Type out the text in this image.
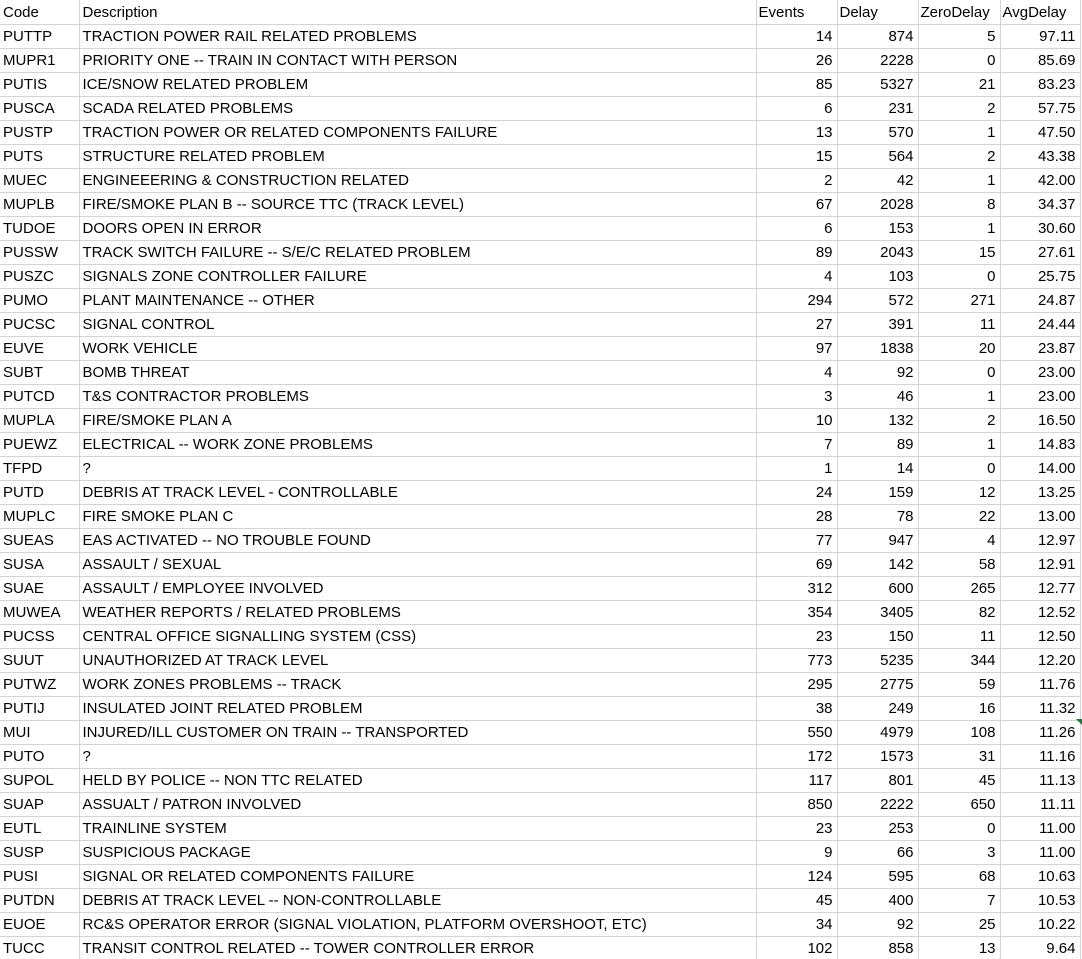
Code	Description	Events	Delay	ZeroDelay	AvgDelay
PUTTP	TRACTION POWER RAIL RELATED PROBLEMS	14	874	5	97.11
MUPR1	PRIORITY ONE -- TRAIN IN CONTACT WITH PERSON	26	2228	0	85.69
PUTIS	ICE/SNOW RELATED PROBLEM	85	5327	21	83.23
PUSCA	SCADA RELATED PROBLEMS	6	231	2	57.75
PUSTP	TRACTION POWER OR RELATED COMPONENTS FAILURE	13	570	1	47.50
PUTS	STRUCTURE RELATED PROBLEM	15	564	2	43.38
MUEC	ENGINEEERING & CONSTRUCTION RELATED	2	42	1	42.00
MUPLB	FIRE/SMOKE PLAN B -- SOURCE TTC (TRACK LEVEL)	67	2028	8	34.37
TUDOE	DOORS OPEN IN ERROR	6	153	1	30.60
PUSSW	TRACK SWITCH FAILURE -- S/E/C RELATED PROBLEM	89	2043	15	27.61
PUSZC	SIGNALS ZONE CONTROLLER FAILURE	4	103	0	25.75
PUMO	PLANT MAINTENANCE -- OTHER	294	572	271	24.87
PUCSC	SIGNAL CONTROL	27	391	11	24.44
EUVE	WORK VEHICLE	97	1838	20	23.87
SUBT	BOMB THREAT	4	92	0	23.00
PUTCD	T&S CONTRACTOR PROBLEMS	3	46	1	23.00
MUPLA	FIRE/SMOKE PLAN A	10	132	2	16.50
PUEWZ	ELECTRICAL -- WORK ZONE PROBLEMS	7	89	1	14.83
TFPD	?	1	14	0	14.00
PUTD	DEBRIS AT TRACK LEVEL - CONTROLLABLE	24	159	12	13.25
MUPLC	FIRE SMOKE PLAN C	28	78	22	13.00
SUEAS	EAS ACTIVATED -- NO TROUBLE FOUND	77	947	4	12.97
SUSA	ASSAULT / SEXUAL	69	142	58	12.91
SUAE	ASSAULT / EMPLOYEE INVOLVED	312	600	265	12.77
MUWEA	WEATHER REPORTS / RELATED PROBLEMS	354	3405	82	12.52
PUCSS	CENTRAL OFFICE SIGNALLING SYSTEM (CSS)	23	150	11	12.50
SUUT	UNAUTHORIZED AT TRACK LEVEL	773	5235	344	12.20
PUTWZ	WORK ZONES PROBLEMS -- TRACK	295	2775	59	11.76
PUTIJ	INSULATED JOINT RELATED PROBLEM	38	249	16	11.32
MUI	INJURED/ILL CUSTOMER ON TRAIN -- TRANSPORTED	550	4979	108	11.26
PUTO	?	172	1573	31	11.16
SUPOL	HELD BY POLICE -- NON TTC RELATED	117	801	45	11.13
SUAP	ASSUALT / PATRON INVOLVED	850	2222	650	11.11
EUTL	TRAINLINE SYSTEM	23	253	0	11.00
SUSP	SUSPICIOUS PACKAGE	9	66	3	11.00
PUSI	SIGNAL OR RELATED COMPONENTS FAILURE	124	595	68	10.63
PUTDN	DEBRIS AT TRACK LEVEL -- NON-CONTROLLABLE	45	400	7	10.53
EUOE	RC&S OPERATOR ERROR (SIGNAL VIOLATION, PLATFORM OVERSHOOT, ETC)	34	92	25	10.22
TUCC	TRANSIT CONTROL RELATED -- TOWER CONTROLLER ERROR	102	858	13	9.64
